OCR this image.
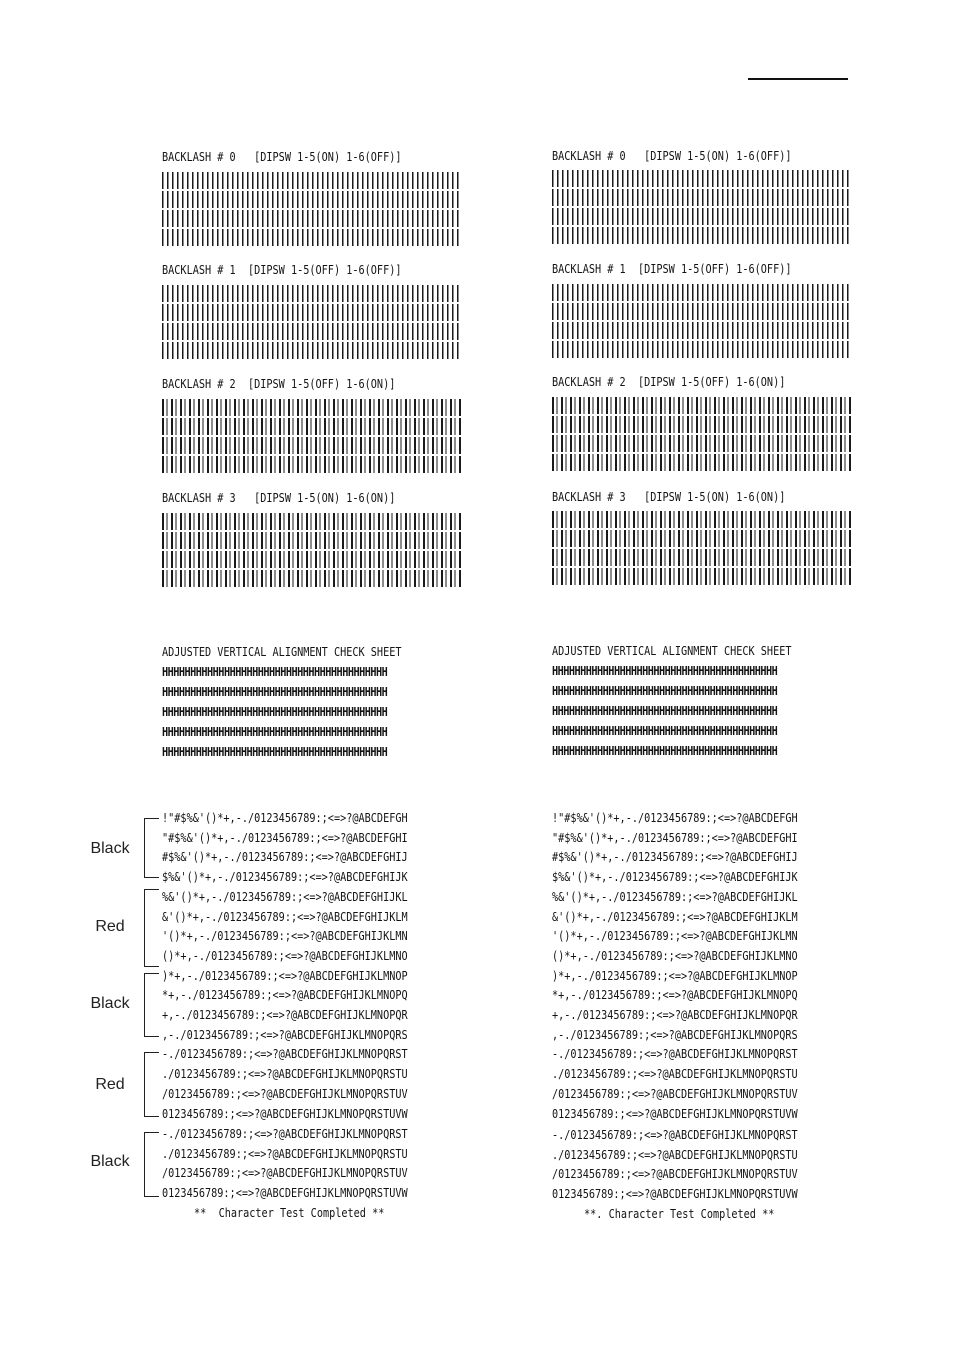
Black
Red
Black
Red
Black
BACKLASH # 0   [DIPSW 1-5(ON) 1-6(OFF)]
BACKLASH # 1  [DIPSW 1-5(OFF) 1-6(OFF)]
BACKLASH # 2  [DIPSW 1-5(OFF) 1-6(ON)]
BACKLASH # 3   [DIPSW 1-5(ON) 1-6(ON)]
ADJUSTED VERTICAL ALIGNMENT CHECK SHEET
HHHHHHHHHHHHHHHHHHHHHHHHHHHHHHHHHHHHHHHH
HHHHHHHHHHHHHHHHHHHHHHHHHHHHHHHHHHHHHHHH
HHHHHHHHHHHHHHHHHHHHHHHHHHHHHHHHHHHHHHHH
HHHHHHHHHHHHHHHHHHHHHHHHHHHHHHHHHHHHHHHH
HHHHHHHHHHHHHHHHHHHHHHHHHHHHHHHHHHHHHHHH
!"#$%&'()*+,-./0123456789:;<=>?@ABCDEFGH
"#$%&'()*+,-./0123456789:;<=>?@ABCDEFGHI
#$%&'()*+,-./0123456789:;<=>?@ABCDEFGHIJ
$%&'()*+,-./0123456789:;<=>?@ABCDEFGHIJK
%&'()*+,-./0123456789:;<=>?@ABCDEFGHIJKL
&'()*+,-./0123456789:;<=>?@ABCDEFGHIJKLM
'()*+,-./0123456789:;<=>?@ABCDEFGHIJKLMN
()*+,-./0123456789:;<=>?@ABCDEFGHIJKLMNO
)*+,-./0123456789:;<=>?@ABCDEFGHIJKLMNOP
*+,-./0123456789:;<=>?@ABCDEFGHIJKLMNOPQ
+,-./0123456789:;<=>?@ABCDEFGHIJKLMNOPQR
,-./0123456789:;<=>?@ABCDEFGHIJKLMNOPQRS
-./0123456789:;<=>?@ABCDEFGHIJKLMNOPQRST
./0123456789:;<=>?@ABCDEFGHIJKLMNOPQRSTU
/0123456789:;<=>?@ABCDEFGHIJKLMNOPQRSTUV
0123456789:;<=>?@ABCDEFGHIJKLMNOPQRSTUVW
-./0123456789:;<=>?@ABCDEFGHIJKLMNOPQRST
./0123456789:;<=>?@ABCDEFGHIJKLMNOPQRSTU
/0123456789:;<=>?@ABCDEFGHIJKLMNOPQRSTUV
0123456789:;<=>?@ABCDEFGHIJKLMNOPQRSTUVW
**  Character Test Completed **
BACKLASH # 0   [DIPSW 1-5(ON) 1-6(OFF)]
BACKLASH # 1  [DIPSW 1-5(OFF) 1-6(OFF)]
BACKLASH # 2  [DIPSW 1-5(OFF) 1-6(ON)]
BACKLASH # 3   [DIPSW 1-5(ON) 1-6(ON)]
ADJUSTED VERTICAL ALIGNMENT CHECK SHEET
HHHHHHHHHHHHHHHHHHHHHHHHHHHHHHHHHHHHHHHH
HHHHHHHHHHHHHHHHHHHHHHHHHHHHHHHHHHHHHHHH
HHHHHHHHHHHHHHHHHHHHHHHHHHHHHHHHHHHHHHHH
HHHHHHHHHHHHHHHHHHHHHHHHHHHHHHHHHHHHHHHH
HHHHHHHHHHHHHHHHHHHHHHHHHHHHHHHHHHHHHHHH
!"#$%&'()*+,-./0123456789:;<=>?@ABCDEFGH
"#$%&'()*+,-./0123456789:;<=>?@ABCDEFGHI
#$%&'()*+,-./0123456789:;<=>?@ABCDEFGHIJ
$%&'()*+,-./0123456789:;<=>?@ABCDEFGHIJK
%&'()*+,-./0123456789:;<=>?@ABCDEFGHIJKL
&'()*+,-./0123456789:;<=>?@ABCDEFGHIJKLM
'()*+,-./0123456789:;<=>?@ABCDEFGHIJKLMN
()*+,-./0123456789:;<=>?@ABCDEFGHIJKLMNO
)*+,-./0123456789:;<=>?@ABCDEFGHIJKLMNOP
*+,-./0123456789:;<=>?@ABCDEFGHIJKLMNOPQ
+,-./0123456789:;<=>?@ABCDEFGHIJKLMNOPQR
,-./0123456789:;<=>?@ABCDEFGHIJKLMNOPQRS
-./0123456789:;<=>?@ABCDEFGHIJKLMNOPQRST
./0123456789:;<=>?@ABCDEFGHIJKLMNOPQRSTU
/0123456789:;<=>?@ABCDEFGHIJKLMNOPQRSTUV
0123456789:;<=>?@ABCDEFGHIJKLMNOPQRSTUVW
-./0123456789:;<=>?@ABCDEFGHIJKLMNOPQRST
./0123456789:;<=>?@ABCDEFGHIJKLMNOPQRSTU
/0123456789:;<=>?@ABCDEFGHIJKLMNOPQRSTUV
0123456789:;<=>?@ABCDEFGHIJKLMNOPQRSTUVW
**. Character Test Completed **
